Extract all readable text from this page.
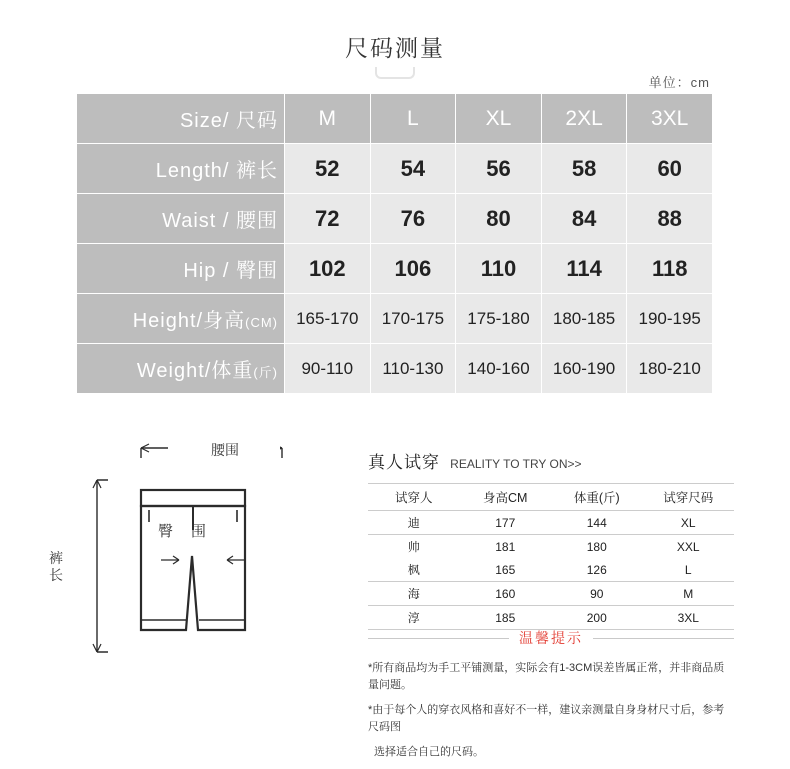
尺码测量
单位：cm
Size/ 尺码	M	L	XL	2XL	3XL
Length/ 裤长	52	54	56	58	60
Waist / 腰围	72	76	80	84	88
Hip / 臀围	102	106	110	114	118
Height/身高(CM)	165-170	170-175	175-180	180-185	190-195
Weight/体重(斤)	90-110	110-130	140-160	160-190	180-210
腰围
裤长
臀围
真人试穿 REALITY TO TRY ON>>
试穿人	身高CM	体重(斤)	试穿尺码
迪	177	144	XL
帅	181	180	XXL
枫	165	126	L
海	160	90	M
淳	185	200	3XL
温馨提示

*所有商品均为手工平铺测量，实际会有1-3CM误差皆属正常，并非商品质量问题。

*由于每个人的穿衣风格和喜好不一样，建议亲测量自身身材尺寸后，参考尺码图

选择适合自己的尺码。
